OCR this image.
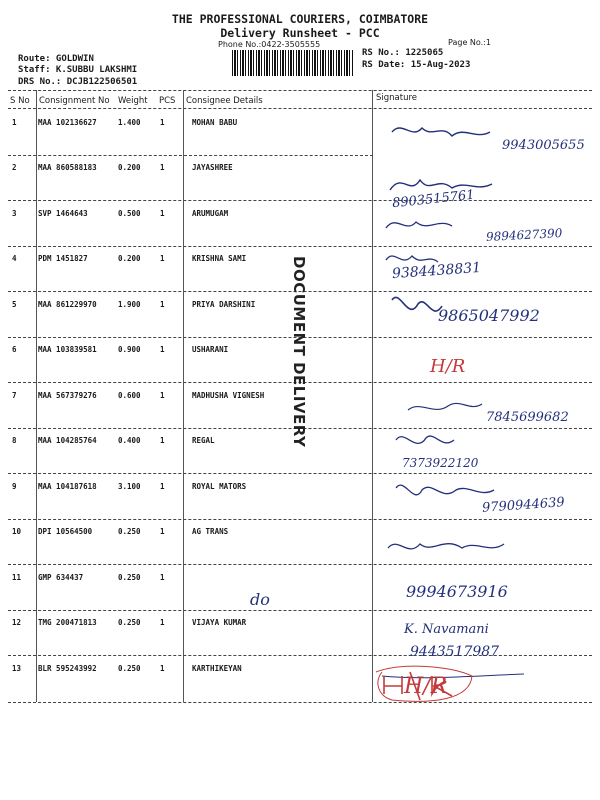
THE PROFESSIONAL COURIERS, COIMBATORE
Delivery Runsheet - PCC
Phone No.:0422-3505555	Page No.:1
Route: GOLDWIN
Staff: K.SUBBU LAKSHMI
DRS No.: DCJB122506501
RS No.: 1225065
RS Date: 15-Aug-2023
S No Consignment No Weight PCS Consignee Details	Signature
1	MAA 102136627	1.400	1	MOHAN BABU
2	MAA 860588183	0.200	1	JAYASHREE
3	SVP 1464643	0.500	1	ARUMUGAM
4	PDM 1451827	0.200	1	KRISHNA SAMI
5	MAA 861229970	1.900	1	PRIYA DARSHINI
6	MAA 103839581	0.900	1	USHARANI
7	MAA 567379276	0.600	1	MADHUSHA VIGNESH
8	MAA 104285764	0.400	1	REGAL
9	MAA 104187618	3.100	1	ROYAL MATORS
10 DPI 10564500	0.250	1	AG TRANS
11 GMP 634437	0.250	1
12 TMG 200471813	0.250	1	VIJAYA KUMAR
13 BLR 595243992	0.250	1	KARTHIKEYAN
DOCUMENT DELIVERY
9943005655
8903515761
9894627390
9384438831
9865047992
H/R
7845699682
7373922120
9790944639
9994673916
do
K. Navamani
9443517987
H/R
